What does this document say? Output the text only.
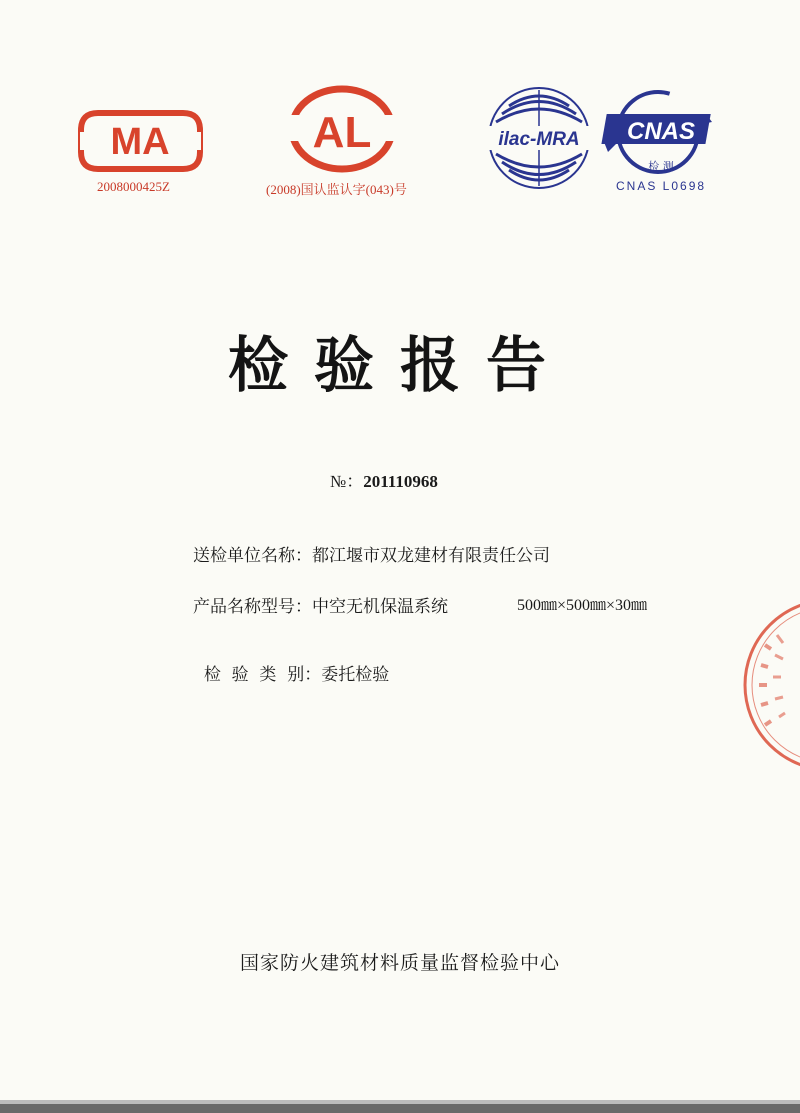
MA
2008000425Z
AL
(2008)国认监认字(043)号
ilac-MRA CNAS
检 测
CNAS L0698
检验报告
№：201110968
送检单位名称：都江堰市双龙建材有限责任公司
产品名称型号：中空无机保温系统	500㎜×500㎜×30㎜

检  验  类  别：委托检验

国家防火建筑材料质量监督检验中心
